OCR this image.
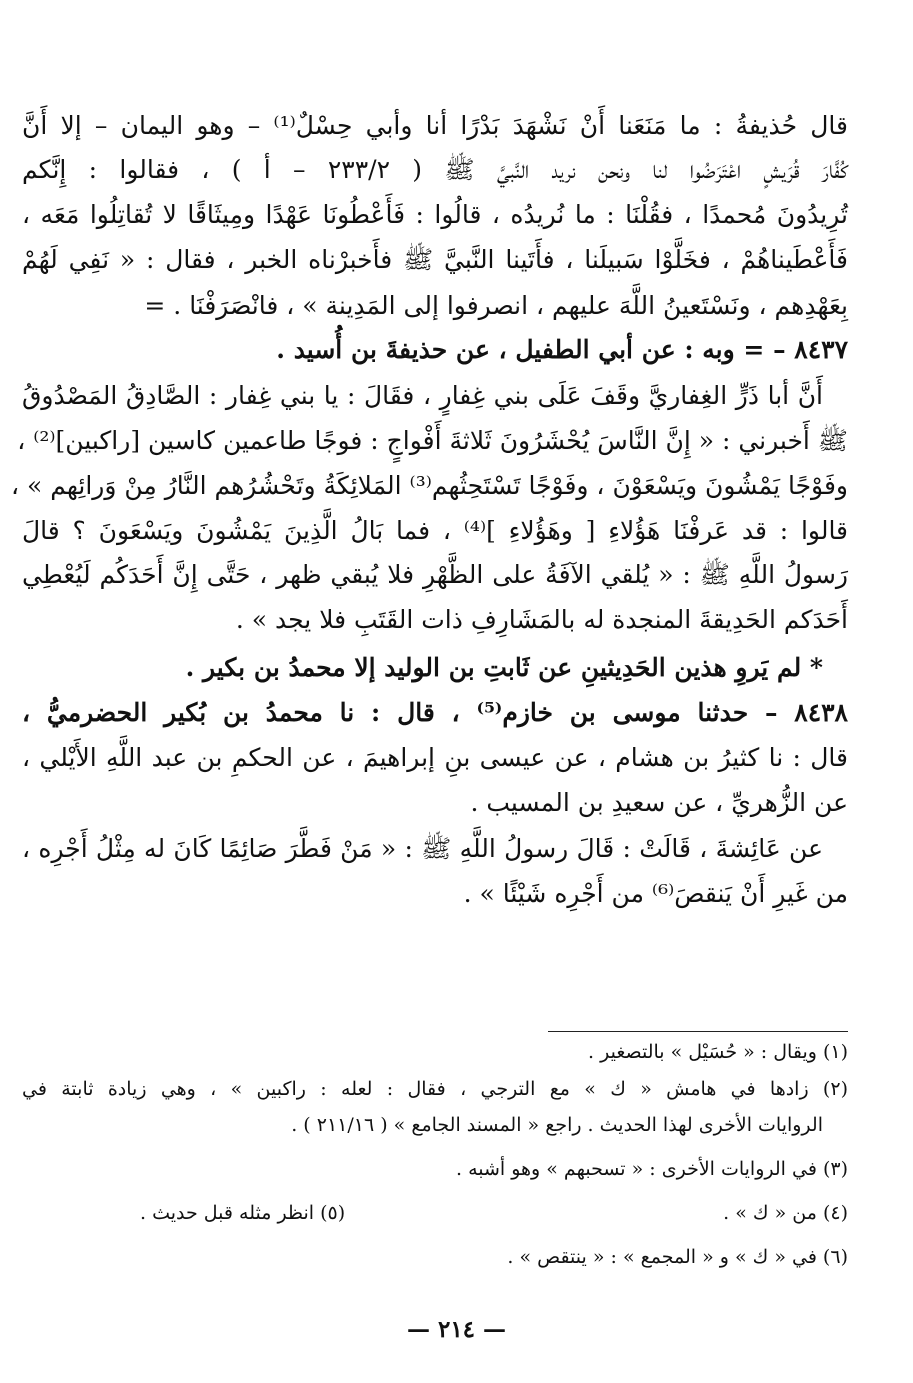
قال حُذيفةُ : ما مَنَعَنا أَنْ نَشْهَدَ بَدْرًا أنا وأبي حِسْلٌ⁽¹⁾ – وهو اليمان – إلا أَنَّ
كُفَّارَ قُرَيشٍ اعْتَرَضُوا لنا ونحن نريد النَّبيَّ ﷺ ( ٢٣٣/٢ – أ ) ، فقالوا : إِنَّكم
تُرِيدُونَ مُحمدًا ، فقُلْنَا : ما نُريدُه ، قالُوا : فَأَعْطُونَا عَهْدًا ومِيثَاقًا لا تُقاتِلُوا مَعَه ،
فَأَعْطَيناهُمْ ، فخَلَّوْا سَبيلَنا ، فأَتَينا النَّبيَّ ﷺ فأَخبرْناه الخبر ، فقال : « نَفِي لَهُمْ
بِعَهْدِهم ، ونَسْتَعينُ اللَّهَ عليهم ، انصرفوا إلى المَدِينة » ، فانْصَرَفْنَا . =
٨٤٣٧ – = وبه : عن أبي الطفيل ، عن حذيفةَ بن أُسيد .
أَنَّ أبا ذَرٍّ الغِفاريَّ وقَفَ عَلَى بني غِفارٍ ، فقَالَ : يا بني غِفار : الصَّادِقُ المَصْدُوقُ
ﷺ أَخبرني : « إِنَّ النَّاسَ يُحْشَرُونَ ثَلاثةَ أَفْواجٍ : فوجًا طاعمين كاسين [راكبين]⁽²⁾ ،
وفَوْجًا يَمْشُونَ ويَسْعَوْنَ ، وفَوْجًا تَسْتَحِثُهم⁽³⁾ المَلائِكَةُ وتَحْشُرُهم النَّارُ مِنْ وَرائِهم » ،
قالوا : قد عَرفْنَا هَؤُلاءِ [ وهَؤُلاءِ ]⁽⁴⁾ ، فما بَالُ الَّذِينَ يَمْشُونَ ويَسْعَونَ ؟ قالَ
رَسولُ اللَّهِ ﷺ : « يُلقي الآفَةُ على الظَّهْرِ فلا يُبقي ظهر ، حَتَّى إِنَّ أَحَدَكُم لَيُعْطِي
أَحَدَكم الحَدِيقةَ المنجدة له بالمَشَارِفِ ذات القَتَبِ فلا يجد » .
* لم يَروِ هذين الحَدِيثينِ عن ثَابتِ بن الوليد إلا محمدُ بن بكير .
٨٤٣٨ – حدثنا موسى بن خازم⁽⁵⁾ ، قال : نا محمدُ بن بُكير الحضرميُّ ،
قال : نا كثيرُ بن هشام ، عن عيسى بنِ إبراهيمَ ، عن الحكمِ بن عبد اللَّهِ الأَيْلي ،
عن الزُّهريِّ ، عن سعيدِ بن المسيب .
عن عَائِشةَ ، قَالَتْ : قَالَ رسولُ اللَّهِ ﷺ : « مَنْ فَطَّرَ صَائِمًا كَانَ له مِثْلُ أَجْرِه ،
من غَيرِ أَنْ يَنقصَ⁽⁶⁾ من أَجْرِه شَيْئًا » .
(١) ويقال : « حُسَيْل » بالتصغير .
(٢) زادها في هامش « ك » مع الترجي ، فقال : لعله : راكبين » ، وهي زيادة ثابتة في
الروايات الأخرى لهذا الحديث . راجع « المسند الجامع » ( ٢١١/١٦ ) .
(٣) في الروايات الأخرى : « تسحبهم » وهو أشبه .
(٤) من « ك » .
(٥) انظر مثله قبل حديث .
(٦) في « ك » و « المجمع » : « ينتقص » .
— ٢١٤ —
